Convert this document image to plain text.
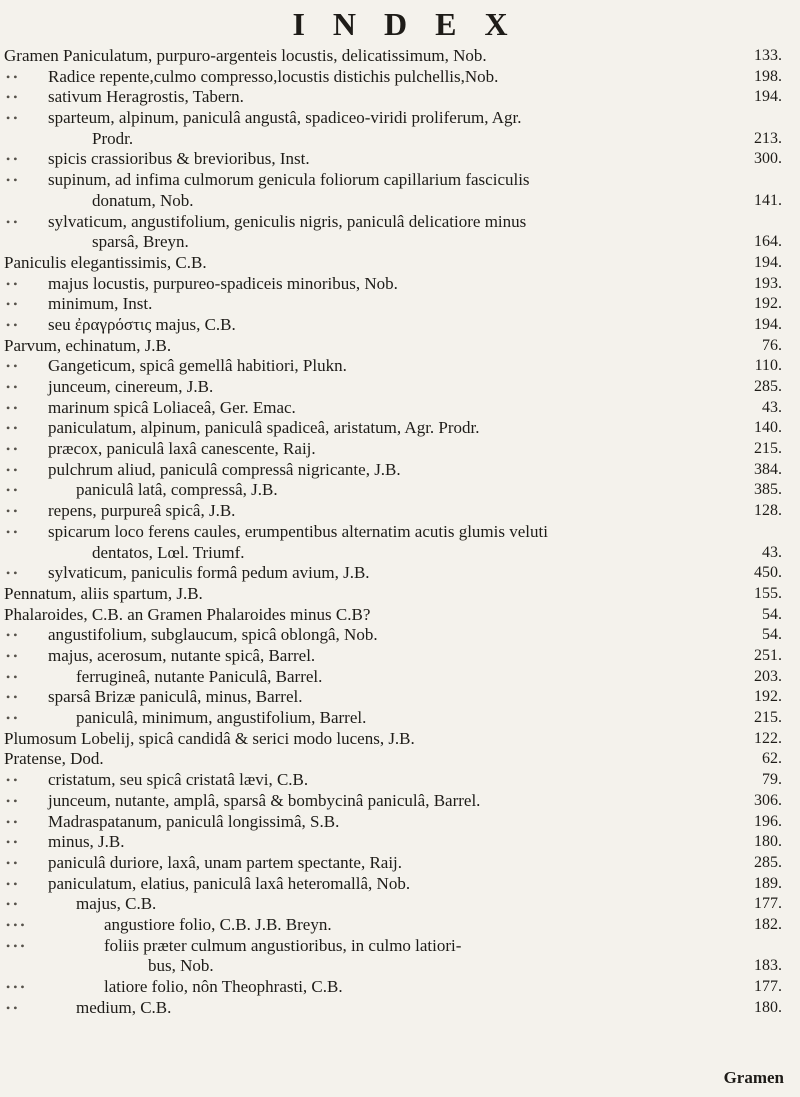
INDEX
Gramen Paniculatum, purpuro-argenteis locustis, delicatissimum, Nob.	133.
• •	Radice repente,culmo compresso,locustis distichis pulchellis,Nob.	198.
• •	sativum Heragrostis, Tabern.	194.
• •	sparteum, alpinum, paniculâ angustâ, spadiceo-viridi proliferum, Agr.
Prodr.	213.
• •	spicis crassioribus & brevioribus, Inst.	300.
• •	supinum, ad infima culmorum genicula foliorum capillarium fasciculis
donatum, Nob.	141.
• •	sylvaticum, angustifolium, geniculis nigris, paniculâ delicatiore minus
sparsâ, Breyn.	164.
Paniculis elegantissimis, C.B.	194.
• •	majus locustis, purpureo-spadiceis minoribus, Nob.	193.
• •	minimum, Inst.	192.
• •	seu ἐραγρόστις majus, C.B.	194.
Parvum, echinatum, J.B.	76.
• •	Gangeticum, spicâ gemellâ habitiori, Plukn.	110.
• •	junceum, cinereum, J.B.	285.
• •	marinum spicâ Loliaceâ, Ger. Emac.	43.
• •	paniculatum, alpinum, paniculâ spadiceâ, aristatum, Agr. Prodr.	140.
• •	præcox, paniculâ laxâ canescente, Raij.	215.
• •	pulchrum aliud, paniculâ compressâ nigricante, J.B.	384.
• •	paniculâ latâ, compressâ, J.B.	385.
• •	repens, purpureâ spicâ, J.B.	128.
• •	spicarum loco ferens caules, erumpentibus alternatim acutis glumis veluti
dentatos, Lœl. Triumf.	43.
• •	sylvaticum, paniculis formâ pedum avium, J.B.	450.
Pennatum, aliis spartum, J.B.	155.
Phalaroides, C.B. an Gramen Phalaroides minus C.B?	54.
• •	angustifolium, subglaucum, spicâ oblongâ, Nob.	54.
• •	majus, acerosum, nutante spicâ, Barrel.	251.
• •	ferrugineâ, nutante Paniculâ, Barrel.	203.
• •	sparsâ Brizæ paniculâ, minus, Barrel.	192.
• •	paniculâ, minimum, angustifolium, Barrel.	215.
Plumosum Lobelij, spicâ candidâ & serici modo lucens, J.B.	122.
Pratense, Dod.	62.
• •	cristatum, seu spicâ cristatâ lævi, C.B.	79.
• •	junceum, nutante, amplâ, sparsâ & bombycinâ paniculâ, Barrel.	306.
• •	Madraspatanum, paniculâ longissimâ, S.B.	196.
• •	minus, J.B.	180.
• •	paniculâ duriore, laxâ, unam partem spectante, Raij.	285.
• •	paniculatum, elatius, paniculâ laxâ heteromallâ, Nob.	189.
• •	majus, C.B.	177.
• • •	angustiore folio, C.B. J.B. Breyn.	182.
• • •	foliis præter culmum angustioribus, in culmo latiori-
bus, Nob.	183.
• • •	latiore folio, nôn Theophrasti, C.B.	177.
• •	medium, C.B.	180.
Gramen
